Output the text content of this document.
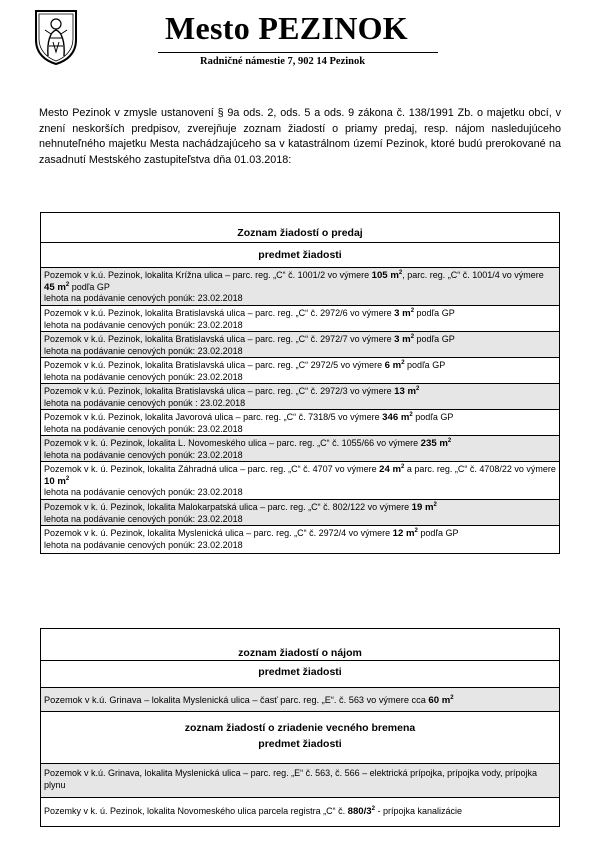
Mesto PEZINOK
Radničné námestie 7, 902 14 Pezinok
Mesto Pezinok v zmysle ustanovení § 9a ods. 2, ods. 5 a ods. 9 zákona č. 138/1991 Zb. o majetku obcí, v znení neskorších predpisov, zverejňuje zoznam žiadostí o priamy predaj, resp. nájom nasledujúceho nehnuteľného majetku Mesta nachádzajúceho sa v katastrálnom území Pezinok, ktoré budú prerokované na zasadnutí Mestského zastupiteľstva dňa 01.03.2018:
Zoznam žiadostí o predaj
predmet žiadosti
Pozemok v k.ú. Pezinok, lokalita Krížna ulica – parc. reg. „C“ č. 1001/2 vo výmere 105 $m^2$, parc. reg. „C“ č. 1001/4 vo výmere 45 $m^2$ podľa GP
lehota na podávanie cenových ponúk: 23.02.2018
Pozemok v k.ú. Pezinok, lokalita Bratislavská ulica – parc. reg. „C“ č. 2972/6 vo výmere 3 $m^2$ podľa GP
lehota na podávanie cenových ponúk: 23.02.2018
Pozemok v k.ú. Pezinok, lokalita Bratislavská ulica – parc. reg. „C“ č. 2972/7 vo výmere 3 $m^2$ podľa GP
lehota na podávanie cenových ponúk: 23.02.2018
Pozemok v k.ú. Pezinok, lokalita Bratislavská ulica – parc. reg. „C“ 2972/5 vo výmere 6 $m^2$ podľa GP
lehota na podávanie cenových ponúk: 23.02.2018
Pozemok v k.ú. Pezinok, lokalita Bratislavská ulica – parc. reg. „C“ č. 2972/3 vo výmere 13 $m^2$
lehota na podávanie cenových ponúk : 23.02.2018
Pozemok v k.ú. Pezinok, lokalita Javorová ulica – parc. reg. „C“ č. 7318/5 vo výmere 346 $m^2$ podľa GP
lehota na podávanie cenových ponúk: 23.02.2018
Pozemok v k. ú. Pezinok, lokalita L. Novomeského ulica – parc. reg. „C“ č. 1055/66 vo výmere 235 $m^2$
lehota na podávanie cenových ponúk: 23.02.2018
Pozemok v k. ú. Pezinok, lokalita Záhradná ulica – parc. reg. „C“ č. 4707 vo výmere 24 $m^2$ a parc. reg. „C“ č. 4708/22 vo výmere 10 $m^2$
lehota na podávanie cenových ponúk: 23.02.2018
Pozemok v k. ú. Pezinok, lokalita Malokarpatská ulica – parc. reg. „C“ č. 802/122 vo výmere 19 $m^2$
lehota na podávanie cenových ponúk: 23.02.2018
Pozemok v k. ú. Pezinok, lokalita Myslenická ulica – parc. reg. „C“ č. 2972/4 vo výmere 12 $m^2$ podľa GP
lehota na podávanie cenových ponúk: 23.02.2018
zoznam žiadostí o nájom
predmet žiadosti
Pozemok v k.ú. Grinava – lokalita Myslenická ulica – časť parc. reg. „E“. č. 563 vo výmere cca 60 $m^2$
zoznam žiadostí o zriadenie vecného bremena
predmet žiadosti
Pozemok v k.ú. Grinava, lokalita Myslenická ulica – parc. reg. „E“ č. 563, č. 566 – elektrická prípojka, prípojka vody, prípojka plynu
Pozemky v k. ú. Pezinok, lokalita Novomeského ulica parcela registra „C“ č. $880/3^2$ - prípojka kanalizácie
